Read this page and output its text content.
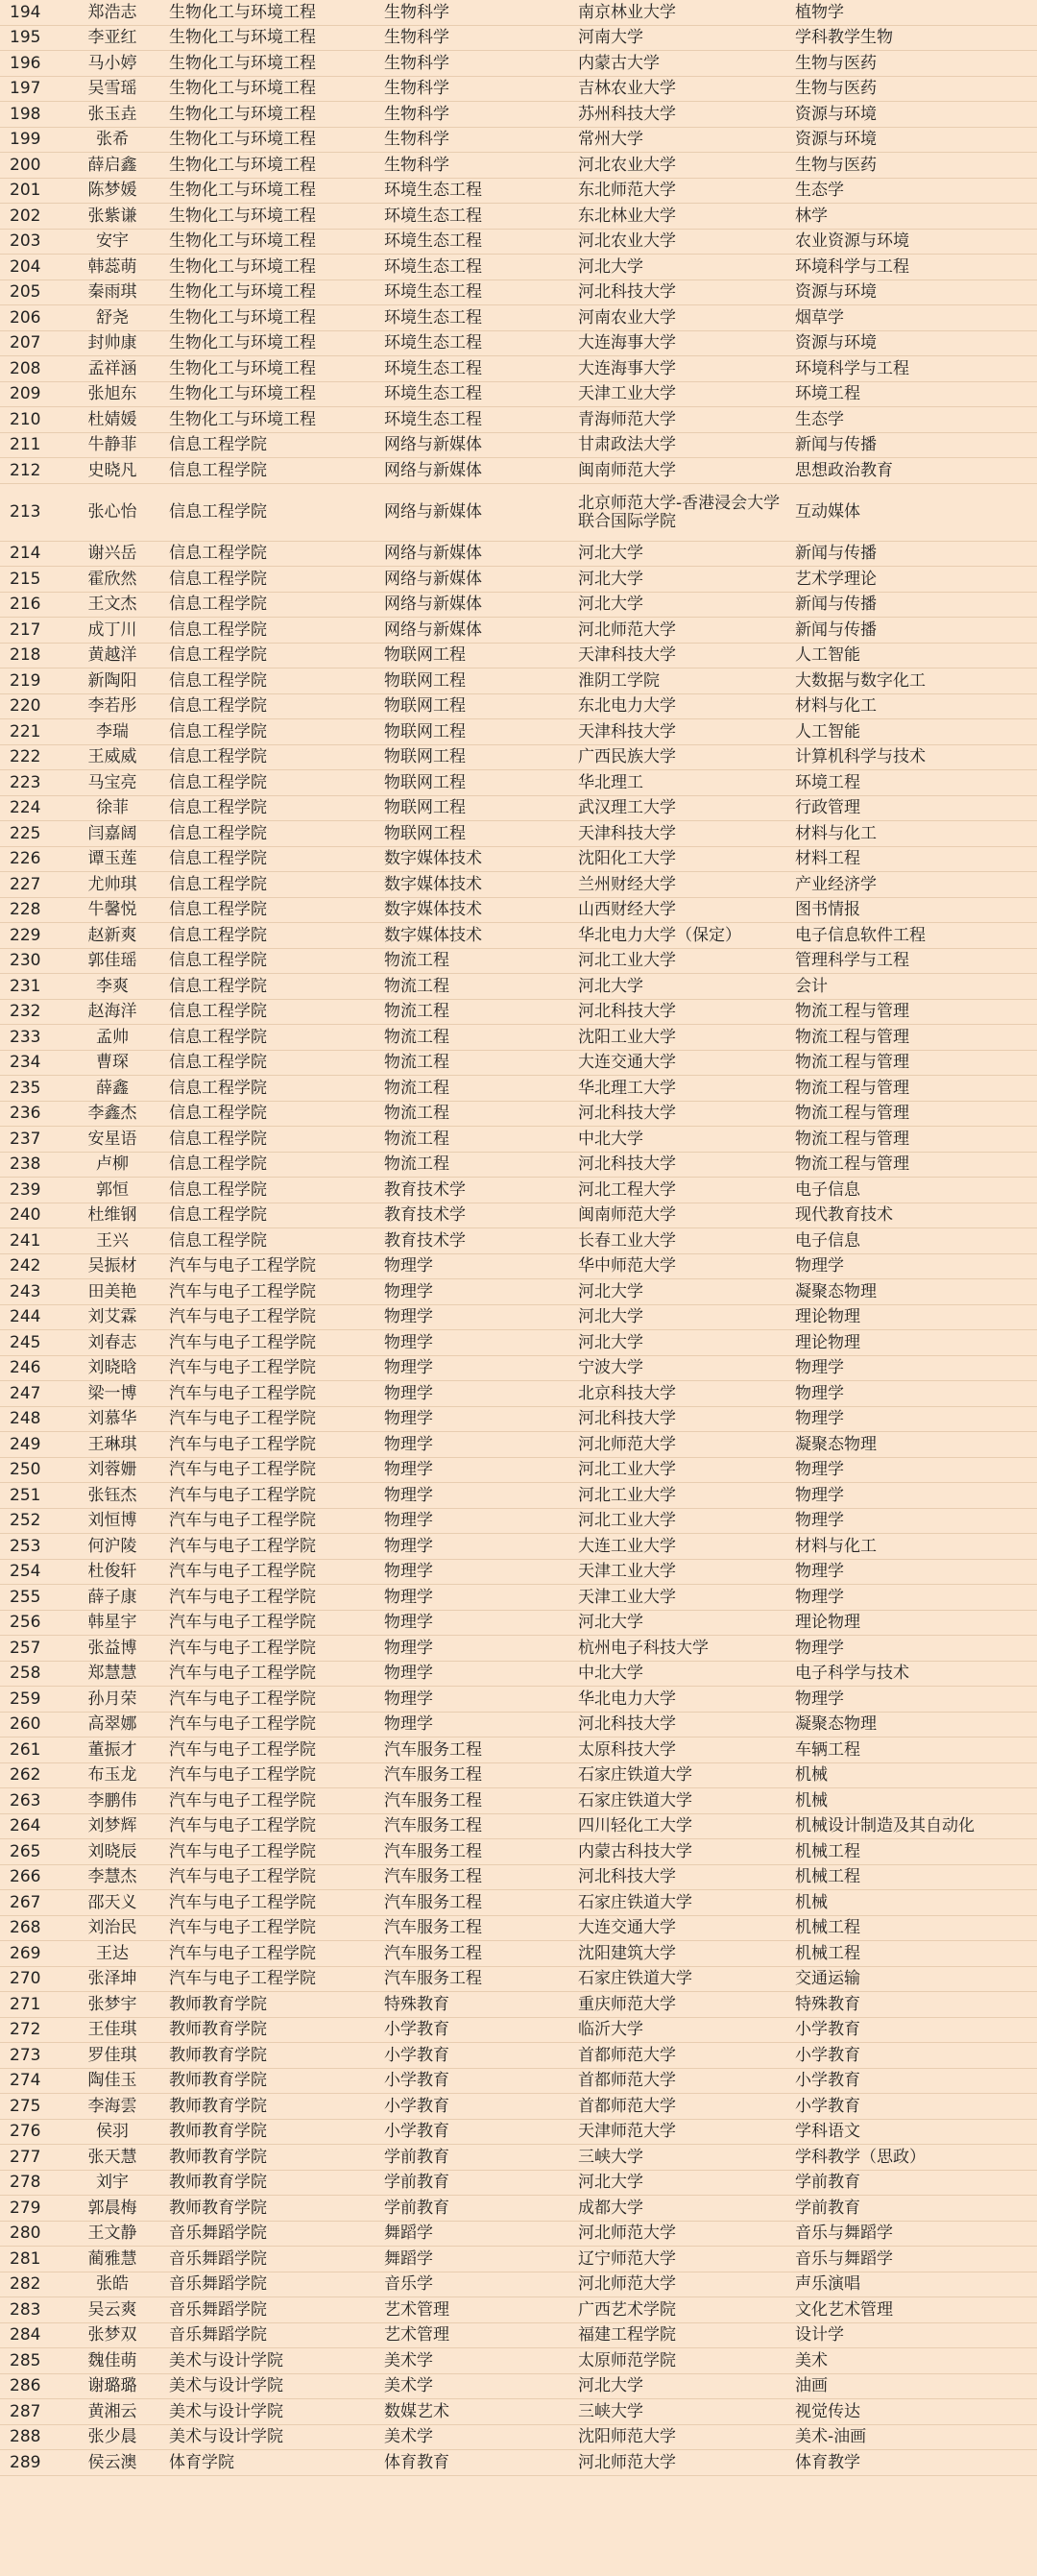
194	郑浩志	生物化工与环境工程	生物科学	南京林业大学	植物学
195	李亚红	生物化工与环境工程	生物科学	河南大学	学科教学生物
196	马小婷	生物化工与环境工程	生物科学	内蒙古大学	生物与医药
197	吴雪瑶	生物化工与环境工程	生物科学	吉林农业大学	生物与医药
198	张玉垚	生物化工与环境工程	生物科学	苏州科技大学	资源与环境
199	张希	生物化工与环境工程	生物科学	常州大学	资源与环境
200	薛启鑫	生物化工与环境工程	生物科学	河北农业大学	生物与医药
201	陈梦媛	生物化工与环境工程	环境生态工程	东北师范大学	生态学
202	张紫谦	生物化工与环境工程	环境生态工程	东北林业大学	林学
203	安宇	生物化工与环境工程	环境生态工程	河北农业大学	农业资源与环境
204	韩蕊萌	生物化工与环境工程	环境生态工程	河北大学	环境科学与工程
205	秦雨琪	生物化工与环境工程	环境生态工程	河北科技大学	资源与环境
206	舒尧	生物化工与环境工程	环境生态工程	河南农业大学	烟草学
207	封帅康	生物化工与环境工程	环境生态工程	大连海事大学	资源与环境
208	孟祥涵	生物化工与环境工程	环境生态工程	大连海事大学	环境科学与工程
209	张旭东	生物化工与环境工程	环境生态工程	天津工业大学	环境工程
210	杜婧媛	生物化工与环境工程	环境生态工程	青海师范大学	生态学
211	牛静菲	信息工程学院	网络与新媒体	甘肃政法大学	新闻与传播
212	史晓凡	信息工程学院	网络与新媒体	闽南师范大学	思想政治教育
213	张心怡	信息工程学院	网络与新媒体	北京师范大学-香港浸会大学联合国际学院	互动媒体
214	谢兴岳	信息工程学院	网络与新媒体	河北大学	新闻与传播
215	霍欣然	信息工程学院	网络与新媒体	河北大学	艺术学理论
216	王文杰	信息工程学院	网络与新媒体	河北大学	新闻与传播
217	成丁川	信息工程学院	网络与新媒体	河北师范大学	新闻与传播
218	黄越洋	信息工程学院	物联网工程	天津科技大学	人工智能
219	新陶阳	信息工程学院	物联网工程	淮阴工学院	大数据与数字化工
220	李若彤	信息工程学院	物联网工程	东北电力大学	材料与化工
221	李瑞	信息工程学院	物联网工程	天津科技大学	人工智能
222	王威威	信息工程学院	物联网工程	广西民族大学	计算机科学与技术
223	马宝亮	信息工程学院	物联网工程	华北理工	环境工程
224	徐菲	信息工程学院	物联网工程	武汉理工大学	行政管理
225	闫嘉阔	信息工程学院	物联网工程	天津科技大学	材料与化工
226	谭玉莲	信息工程学院	数字媒体技术	沈阳化工大学	材料工程
227	尤帅琪	信息工程学院	数字媒体技术	兰州财经大学	产业经济学
228	牛馨悦	信息工程学院	数字媒体技术	山西财经大学	图书情报
229	赵新爽	信息工程学院	数字媒体技术	华北电力大学（保定）	电子信息软件工程
230	郭佳瑶	信息工程学院	物流工程	河北工业大学	管理科学与工程
231	李爽	信息工程学院	物流工程	河北大学	会计
232	赵海洋	信息工程学院	物流工程	河北科技大学	物流工程与管理
233	孟帅	信息工程学院	物流工程	沈阳工业大学	物流工程与管理
234	曹琛	信息工程学院	物流工程	大连交通大学	物流工程与管理
235	薛鑫	信息工程学院	物流工程	华北理工大学	物流工程与管理
236	李鑫杰	信息工程学院	物流工程	河北科技大学	物流工程与管理
237	安星语	信息工程学院	物流工程	中北大学	物流工程与管理
238	卢柳	信息工程学院	物流工程	河北科技大学	物流工程与管理
239	郭恒	信息工程学院	教育技术学	河北工程大学	电子信息
240	杜维钢	信息工程学院	教育技术学	闽南师范大学	现代教育技术
241	王兴	信息工程学院	教育技术学	长春工业大学	电子信息
242	吴振材	汽车与电子工程学院	物理学	华中师范大学	物理学
243	田美艳	汽车与电子工程学院	物理学	河北大学	凝聚态物理
244	刘艾霖	汽车与电子工程学院	物理学	河北大学	理论物理
245	刘春志	汽车与电子工程学院	物理学	河北大学	理论物理
246	刘晓晗	汽车与电子工程学院	物理学	宁波大学	物理学
247	梁一博	汽车与电子工程学院	物理学	北京科技大学	物理学
248	刘慕华	汽车与电子工程学院	物理学	河北科技大学	物理学
249	王琳琪	汽车与电子工程学院	物理学	河北师范大学	凝聚态物理
250	刘蓉姗	汽车与电子工程学院	物理学	河北工业大学	物理学
251	张钰杰	汽车与电子工程学院	物理学	河北工业大学	物理学
252	刘恒博	汽车与电子工程学院	物理学	河北工业大学	物理学
253	何沪陵	汽车与电子工程学院	物理学	大连工业大学	材料与化工
254	杜俊轩	汽车与电子工程学院	物理学	天津工业大学	物理学
255	薛子康	汽车与电子工程学院	物理学	天津工业大学	物理学
256	韩星宇	汽车与电子工程学院	物理学	河北大学	理论物理
257	张益博	汽车与电子工程学院	物理学	杭州电子科技大学	物理学
258	郑慧慧	汽车与电子工程学院	物理学	中北大学	电子科学与技术
259	孙月荣	汽车与电子工程学院	物理学	华北电力大学	物理学
260	高翠娜	汽车与电子工程学院	物理学	河北科技大学	凝聚态物理
261	董振才	汽车与电子工程学院	汽车服务工程	太原科技大学	车辆工程
262	布玉龙	汽车与电子工程学院	汽车服务工程	石家庄铁道大学	机械
263	李鹏伟	汽车与电子工程学院	汽车服务工程	石家庄铁道大学	机械
264	刘梦辉	汽车与电子工程学院	汽车服务工程	四川轻化工大学	机械设计制造及其自动化
265	刘晓辰	汽车与电子工程学院	汽车服务工程	内蒙古科技大学	机械工程
266	李慧杰	汽车与电子工程学院	汽车服务工程	河北科技大学	机械工程
267	邵天义	汽车与电子工程学院	汽车服务工程	石家庄铁道大学	机械
268	刘治民	汽车与电子工程学院	汽车服务工程	大连交通大学	机械工程
269	王达	汽车与电子工程学院	汽车服务工程	沈阳建筑大学	机械工程
270	张泽坤	汽车与电子工程学院	汽车服务工程	石家庄铁道大学	交通运输
271	张梦宇	教师教育学院	特殊教育	重庆师范大学	特殊教育
272	王佳琪	教师教育学院	小学教育	临沂大学	小学教育
273	罗佳琪	教师教育学院	小学教育	首都师范大学	小学教育
274	陶佳玉	教师教育学院	小学教育	首都师范大学	小学教育
275	李海雲	教师教育学院	小学教育	首都师范大学	小学教育
276	侯羽	教师教育学院	小学教育	天津师范大学	学科语文
277	张天慧	教师教育学院	学前教育	三峡大学	学科教学（思政）
278	刘宇	教师教育学院	学前教育	河北大学	学前教育
279	郭晨梅	教师教育学院	学前教育	成都大学	学前教育
280	王文静	音乐舞蹈学院	舞蹈学	河北师范大学	音乐与舞蹈学
281	蔺雅慧	音乐舞蹈学院	舞蹈学	辽宁师范大学	音乐与舞蹈学
282	张皓	音乐舞蹈学院	音乐学	河北师范大学	声乐演唱
283	吴云爽	音乐舞蹈学院	艺术管理	广西艺术学院	文化艺术管理
284	张梦双	音乐舞蹈学院	艺术管理	福建工程学院	设计学
285	魏佳萌	美术与设计学院	美术学	太原师范学院	美术
286	谢璐璐	美术与设计学院	美术学	河北大学	油画
287	黄湘云	美术与设计学院	数媒艺术	三峡大学	视觉传达
288	张少晨	美术与设计学院	美术学	沈阳师范大学	美术-油画
289	侯云澳	体育学院	体育教育	河北师范大学	体育教学
